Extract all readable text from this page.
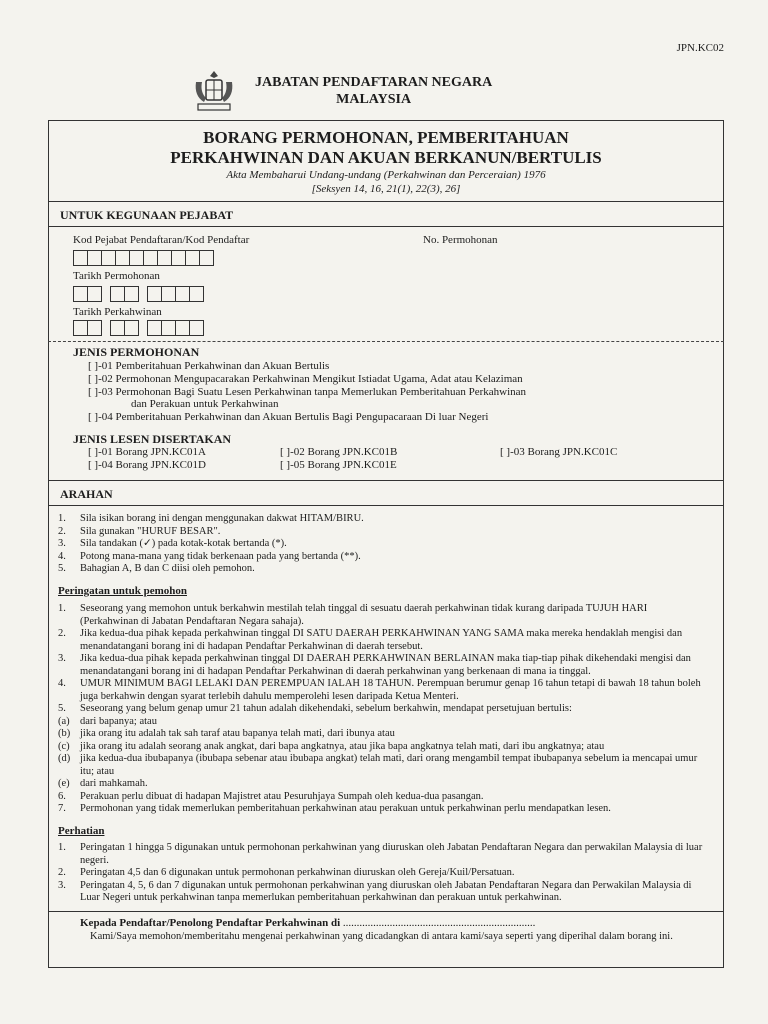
JPN.KC02
JABATAN PENDAFTARAN NEGARA
MALAYSIA
BORANG PERMOHONAN, PEMBERITAHUAN
PERKAHWINAN DAN AKUAN BERKANUN/BERTULIS
Akta Membaharui Undang-undang (Perkahwinan dan Perceraian) 1976
[Seksyen 14, 16, 21(1), 22(3), 26]
UNTUK KEGUNAAN PEJABAT
Kod Pejabat Pendaftaran/Kod Pendaftar	No. Permohonan
Tarikh Permohonan
Tarikh Perkahwinan
JENIS PERMOHONAN
[ ]-01 Pemberitahuan Perkahwinan dan Akuan Bertulis
[ ]-02 Permohonan Mengupacarakan Perkahwinan Mengikut Istiadat Ugama, Adat atau Kelaziman
[ ]-03 Permohonan Bagi Suatu Lesen Perkahwinan tanpa Memerlukan Pemberitahuan Perkahwinan
dan Perakuan untuk Perkahwinan
[ ]-04 Pemberitahuan Perkahwinan dan Akuan Bertulis Bagi Pengupacaraan Di luar Negeri
JENIS LESEN DISERTAKAN
[ ]-01 Borang JPN.KC01A	[ ]-02 Borang JPN.KC01B	[ ]-03 Borang JPN.KC01C
[ ]-04 Borang JPN.KC01D	[ ]-05 Borang JPN.KC01E
ARAHAN
1.	Sila isikan borang ini dengan menggunakan dakwat HITAM/BIRU.
2.	Sila gunakan "HURUF BESAR".
3.	Sila tandakan (✓) pada kotak-kotak bertanda (*).
4.	Potong mana-mana yang tidak berkenaan pada yang bertanda (**).
5.	Bahagian A, B dan C diisi oleh pemohon.
Peringatan untuk pemohon
1.	Seseorang yang memohon untuk berkahwin mestilah telah tinggal di sesuatu daerah perkahwinan tidak kurang daripada TUJUH HARI (Perkahwinan di Jabatan Pendaftaran Negara sahaja).
2.	Jika kedua-dua pihak kepada perkahwinan tinggal DI SATU DAERAH PERKAHWINAN YANG SAMA maka mereka hendaklah mengisi dan menandatangani borang ini di hadapan Pendaftar Perkahwinan di daerah tersebut.
3.	Jika kedua-dua pihak kepada perkahwinan tinggal DI DAERAH PERKAHWINAN BERLAINAN maka tiap-tiap pihak dikehendaki mengisi dan menandatangani borang ini di hadapan Pendaftar Perkahwinan di daerah perkahwinan yang berkenaan di mana ia tinggal.
4.	UMUR MINIMUM BAGI LELAKI DAN PEREMPUAN IALAH 18 TAHUN. Perempuan berumur genap 16 tahun tetapi di bawah 18 tahun boleh juga berkahwin dengan syarat terlebih dahulu memperolehi lesen daripada Ketua Menteri.
5.	Seseorang yang belum genap umur 21 tahun adalah dikehendaki, sebelum berkahwin, mendapat persetujuan bertulis:
(a) dari bapanya; atau
(b) jika orang itu adalah tak sah taraf atau bapanya telah mati, dari ibunya atau
(c) jika orang itu adalah seorang anak angkat, dari bapa angkatnya, atau jika bapa angkatnya telah mati, dari ibu angkatnya; atau
(d) jika kedua-dua ibubapanya (ibubapa sebenar atau ibubapa angkat) telah mati, dari orang mengambil tempat ibubapanya sebelum ia mencapai umur itu; atau
(e) dari mahkamah.
6.	Perakuan perlu dibuat di hadapan Majistret atau Pesuruhjaya Sumpah oleh kedua-dua pasangan.
7.	Permohonan yang tidak memerlukan pemberitahuan perkahwinan atau perakuan untuk perkahwinan perlu mendapatkan lesen.
Perhatian
1.	Peringatan 1 hingga 5 digunakan untuk permohonan perkahwinan yang diuruskan oleh Jabatan Pendaftaran Negara dan perwakilan Malaysia di luar negeri.
2.	Peringatan 4,5 dan 6 digunakan untuk permohonan perkahwinan diuruskan oleh Gereja/Kuil/Persatuan.
3.	Peringatan 4, 5, 6 dan 7 digunakan untuk permohonan perkahwinan yang diuruskan oleh Jabatan Pendaftaran Negara dan Perwakilan Malaysia di Luar Negeri untuk perkahwinan tanpa memerlukan pemberitahuan perkahwinan dan perakuan untuk perkahwinan.
Kepada Pendaftar/Penolong Pendaftar Perkahwinan di ......................................................................
Kami/Saya memohon/memberitahu mengenai perkahwinan yang dicadangkan di antara kami/saya seperti yang diperihal dalam borang ini.
